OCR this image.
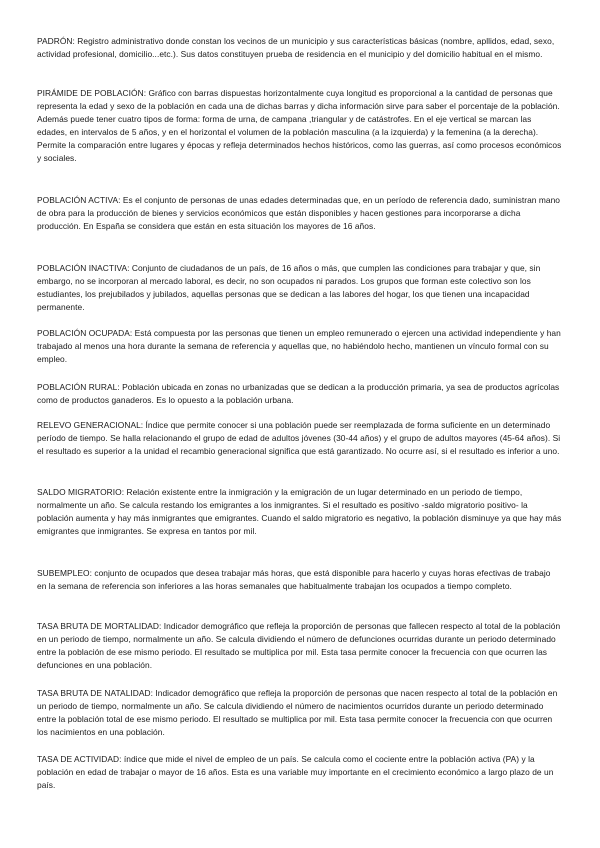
PADRÓN: Registro administrativo donde constan los vecinos de un municipio y sus características básicas (nombre, apllidos, edad, sexo, actividad profesional, domicilio...etc.). Sus datos constituyen prueba de residencia en el municipio y del domicilio habitual en el mismo.

PIRÁMIDE DE POBLACIÓN: Gráfico con barras dispuestas horizontalmente cuya longitud es proporcional a la cantidad de personas que representa la edad y sexo de la población en cada una de dichas barras y dicha información sirve para saber el porcentaje de la población. Además puede tener cuatro tipos de forma: forma de urna, de campana ,triangular y de catástrofes. En el eje vertical se marcan las edades, en intervalos de 5 años, y en el horizontal el volumen de la población masculina (a la izquierda) y la femenina (a la derecha). Permite la comparación entre lugares y épocas y refleja determinados hechos históricos, como las guerras, así como procesos económicos y sociales.

POBLACIÓN ACTIVA: Es el conjunto de personas de unas edades determinadas que, en un período de referencia dado, suministran mano de obra para la producción de bienes y servicios económicos que están disponibles y hacen gestiones para incorporarse a dicha producción. En España se considera que están en esta situación los mayores de 16 años.

POBLACIÓN INACTIVA: Conjunto de ciudadanos de un país, de 16 años o más, que cumplen las condiciones para trabajar y que, sin embargo, no se incorporan al mercado laboral, es decir, no son ocupados ni parados. Los grupos que forman este colectivo son los estudiantes, los prejubilados y jubilados, aquellas personas que se dedican a las labores del hogar, los que tienen una incapacidad permanente.

POBLACIÓN OCUPADA: Está compuesta por las personas que tienen un empleo remunerado o ejercen una actividad independiente y han trabajado al menos una hora durante la semana de referencia y aquellas que, no habiéndolo hecho, mantienen un vínculo formal con su empleo.

POBLACIÓN RURAL: Población ubicada en zonas no urbanizadas que se dedican a la producción primaria, ya sea de productos agrícolas como de productos ganaderos. Es lo opuesto a la población urbana.

RELEVO GENERACIONAL: Índice que permite conocer si una población puede ser reemplazada de forma suficiente en un determinado período de tiempo. Se halla relacionando el grupo de edad de adultos jóvenes (30-44 años) y el grupo de adultos mayores (45-64 años). Si el resultado es superior a la unidad el recambio generacional significa que está garantizado. No ocurre así, si el resultado es inferior a uno.

SALDO MIGRATORIO: Relación existente entre la inmigración y la emigración de un lugar determinado en un periodo de tiempo, normalmente un año. Se calcula restando los emigrantes a los inmigrantes. Si el resultado es positivo -saldo migratorio positivo- la población aumenta y hay más inmigrantes que emigrantes. Cuando el saldo migratorio es negativo, la población disminuye ya que hay más emigrantes que inmigrantes. Se expresa en tantos por mil.

SUBEMPLEO: conjunto de ocupados que desea trabajar más horas, que está disponible para hacerlo y cuyas horas efectivas de trabajo en la semana de referencia son inferiores a las horas semanales que habitualmente trabajan los ocupados a tiempo completo.

TASA BRUTA DE MORTALIDAD: Indicador demográfico que refleja la proporción de personas que fallecen respecto al total de la población en un periodo de tiempo, normalmente un año. Se calcula dividiendo el número de defunciones ocurridas durante un periodo determinado entre la población de ese mismo periodo. El resultado se multiplica por mil. Esta tasa permite conocer la frecuencia con que ocurren las defunciones en una población.

TASA BRUTA DE NATALIDAD: Indicador demográfico que refleja la proporción de personas que nacen respecto al total de la población en un periodo de tiempo, normalmente un año. Se calcula dividiendo el número de nacimientos ocurridos durante un periodo determinado entre la población total de ese mismo periodo. El resultado se multiplica por mil. Esta tasa permite conocer la frecuencia con que ocurren los nacimientos en una población.

TASA DE ACTIVIDAD: índice que mide el nivel de empleo de un país. Se calcula como el cociente entre la población activa (PA) y la población en edad de trabajar o mayor de 16 años. Esta es una variable muy importante en el crecimiento económico a largo plazo de un país.
